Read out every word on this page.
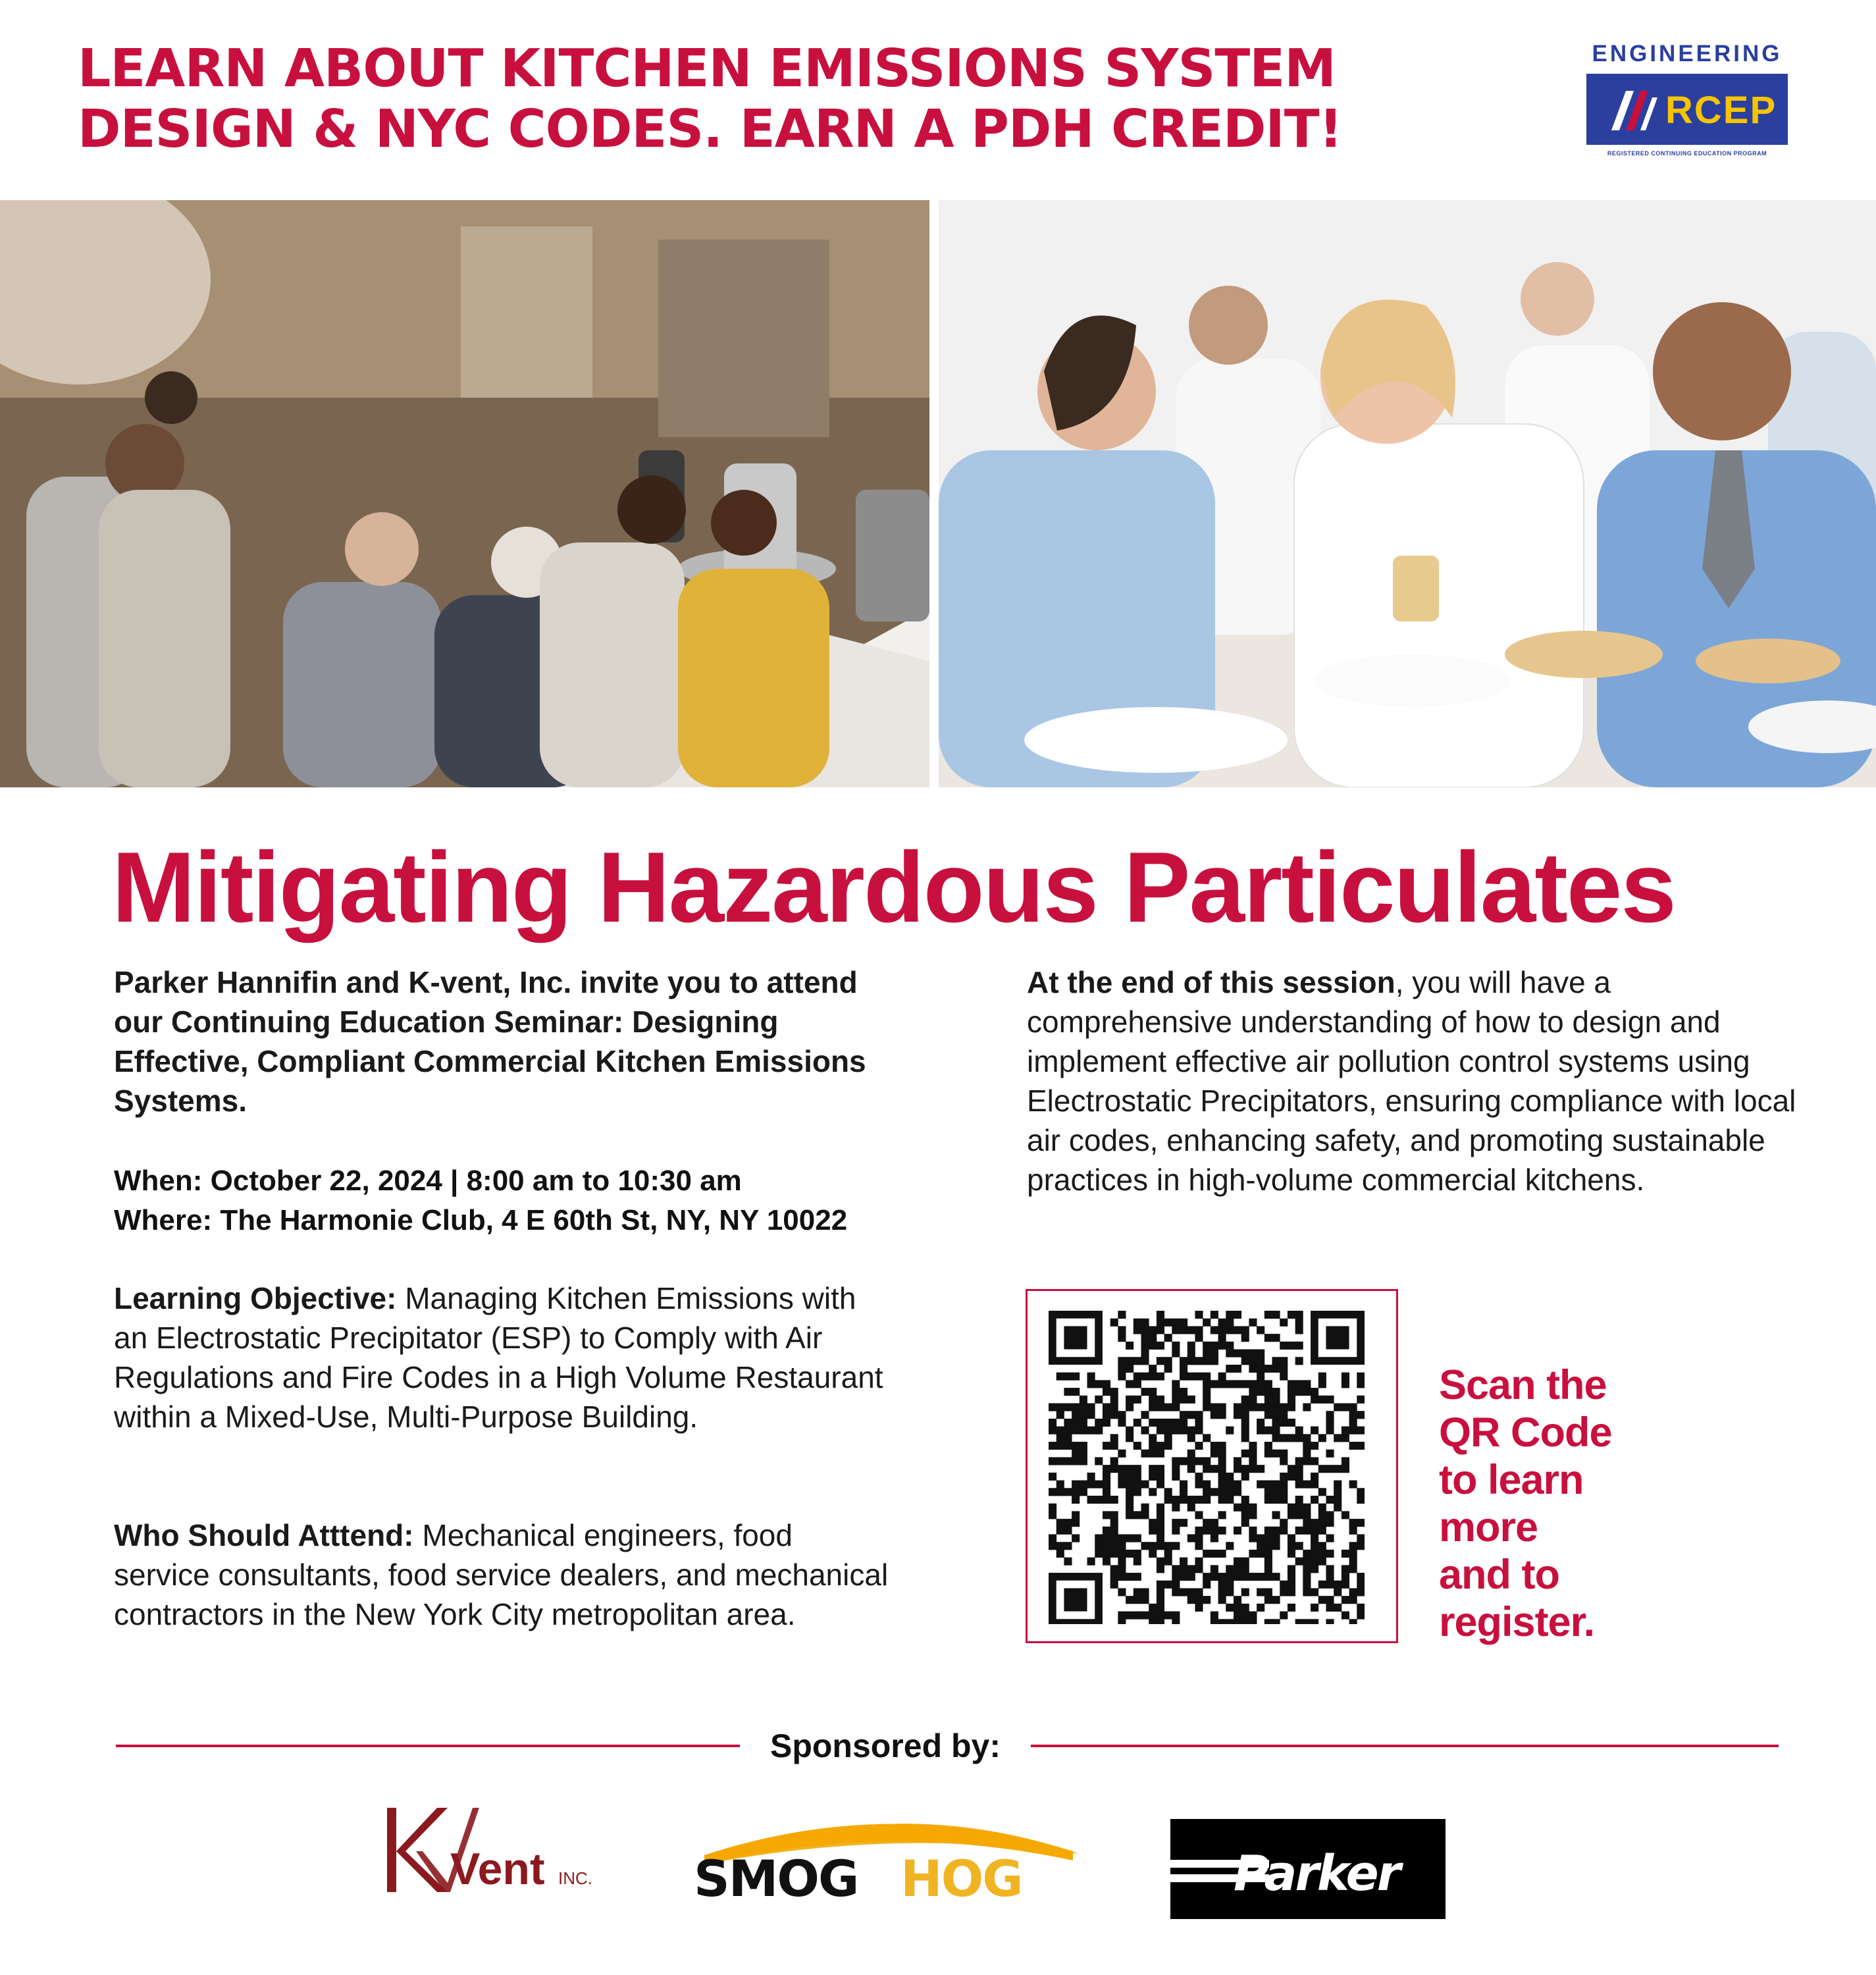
LEARN ABOUT KITCHEN EMISSIONS SYSTEM
DESIGN & NYC CODES. EARN A PDH CREDIT!
ENGINEERING
RCEP
REGISTERED CONTINUING EDUCATION PROGRAM
Mitigating Hazardous Particulates
Parker Hannifin and K-vent, Inc. invite you to attend our Continuing Education Seminar: Designing Effective, Compliant Commercial Kitchen Emissions Systems.
When: October 22, 2024 | 8:00 am to 10:30 am
Where: The Harmonie Club, 4 E 60th St, NY, NY 10022
Learning Objective: Managing Kitchen Emissions with an Electrostatic Precipitator (ESP) to Comply with Air Regulations and Fire Codes in a High Volume Restaurant within a Mixed-Use, Multi-Purpose Building.
Who Should Atttend: Mechanical engineers, food service consultants, food service dealers, and mechanical contractors in the New York City metropolitan area.
At the end of this session, you will have a comprehensive understanding of how to design and implement effective air pollution control systems using Electrostatic Precipitators, ensuring compliance with local air codes, enhancing safety, and promoting sustainable practices in high-volume commercial kitchens.
Scan the
QR Code
to learn
more
and to
register.
Sponsored by:
Vent INC. SMOG HOG	Parker
